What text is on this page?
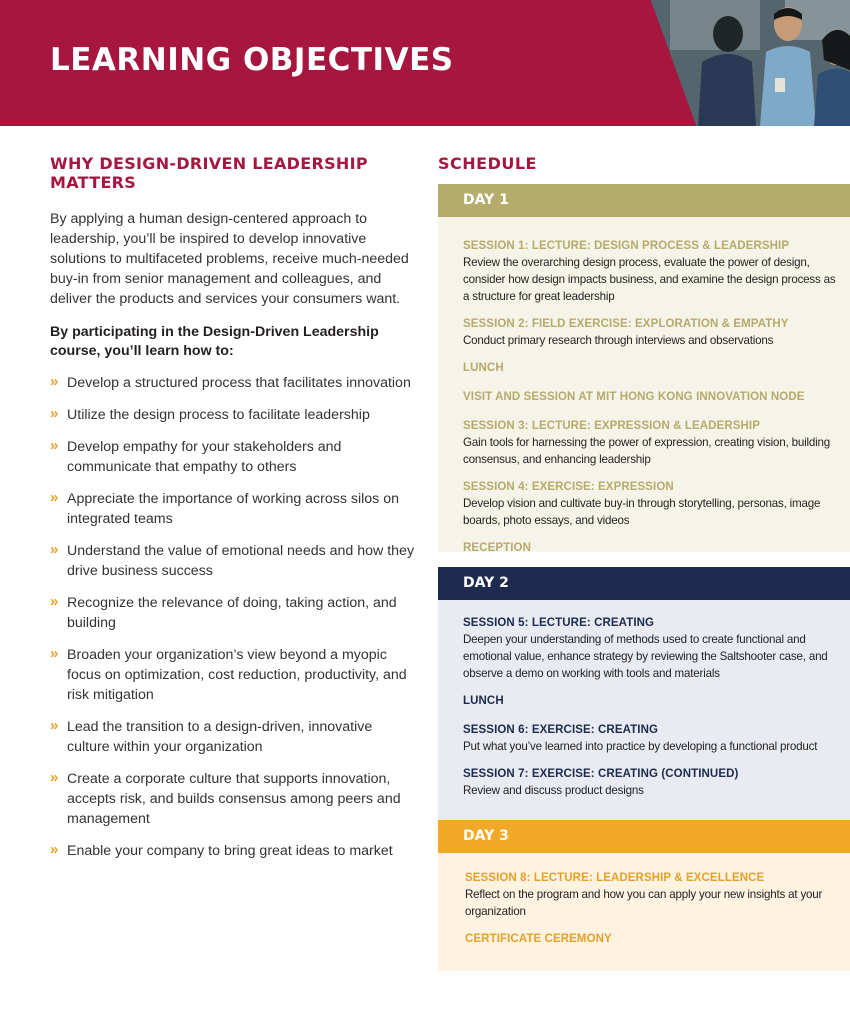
LEARNING OBJECTIVES
WHY DESIGN-DRIVEN LEADERSHIP MATTERS

By applying a human design-centered approach to leadership, you’ll be inspired to develop innovative solutions to multifaceted problems, receive much-needed buy-in from senior management and colleagues, and deliver the products and services your consumers want.

By participating in the Design-Driven Leadership course, you’ll learn how to:

» Develop a structured process that facilitates innovation
» Utilize the design process to facilitate leadership
» Develop empathy for your stakeholders and communicate that empathy to others
» Appreciate the importance of working across silos on integrated teams
» Understand the value of emotional needs and how they drive business success
» Recognize the relevance of doing, taking action, and building
» Broaden your organization’s view beyond a myopic focus on optimization, cost reduction, productivity, and risk mitigation
» Lead the transition to a design-driven, innovative culture within your organization
» Create a corporate culture that supports innovation, accepts risk, and builds consensus among peers and management
» Enable your company to bring great ideas to market
SCHEDULE
DAY 1
SESSION 1: LECTURE: DESIGN PROCESS & LEADERSHIP
Review the overarching design process, evaluate the power of design, consider how design impacts business, and examine the design process as a structure for great leadership
SESSION 2: FIELD EXERCISE: EXPLORATION & EMPATHY
Conduct primary research through interviews and observations
LUNCH
VISIT AND SESSION AT MIT HONG KONG INNOVATION NODE
SESSION 3: LECTURE: EXPRESSION & LEADERSHIP
Gain tools for harnessing the power of expression, creating vision, building consensus, and enhancing leadership
SESSION 4: EXERCISE: EXPRESSION
Develop vision and cultivate buy-in through storytelling, personas, image boards, photo essays, and videos
RECEPTION
DAY 2
SESSION 5: LECTURE: CREATING
Deepen your understanding of methods used to create functional and emotional value, enhance strategy by reviewing the Saltshooter case, and observe a demo on working with tools and materials
LUNCH
SESSION 6: EXERCISE: CREATING
Put what you’ve learned into practice by developing a functional product
SESSION 7: EXERCISE: CREATING (CONTINUED)
Review and discuss product designs
DAY 3
SESSION 8: LECTURE: LEADERSHIP & EXCELLENCE
Reflect on the program and how you can apply your new insights at your organization
CERTIFICATE CEREMONY
